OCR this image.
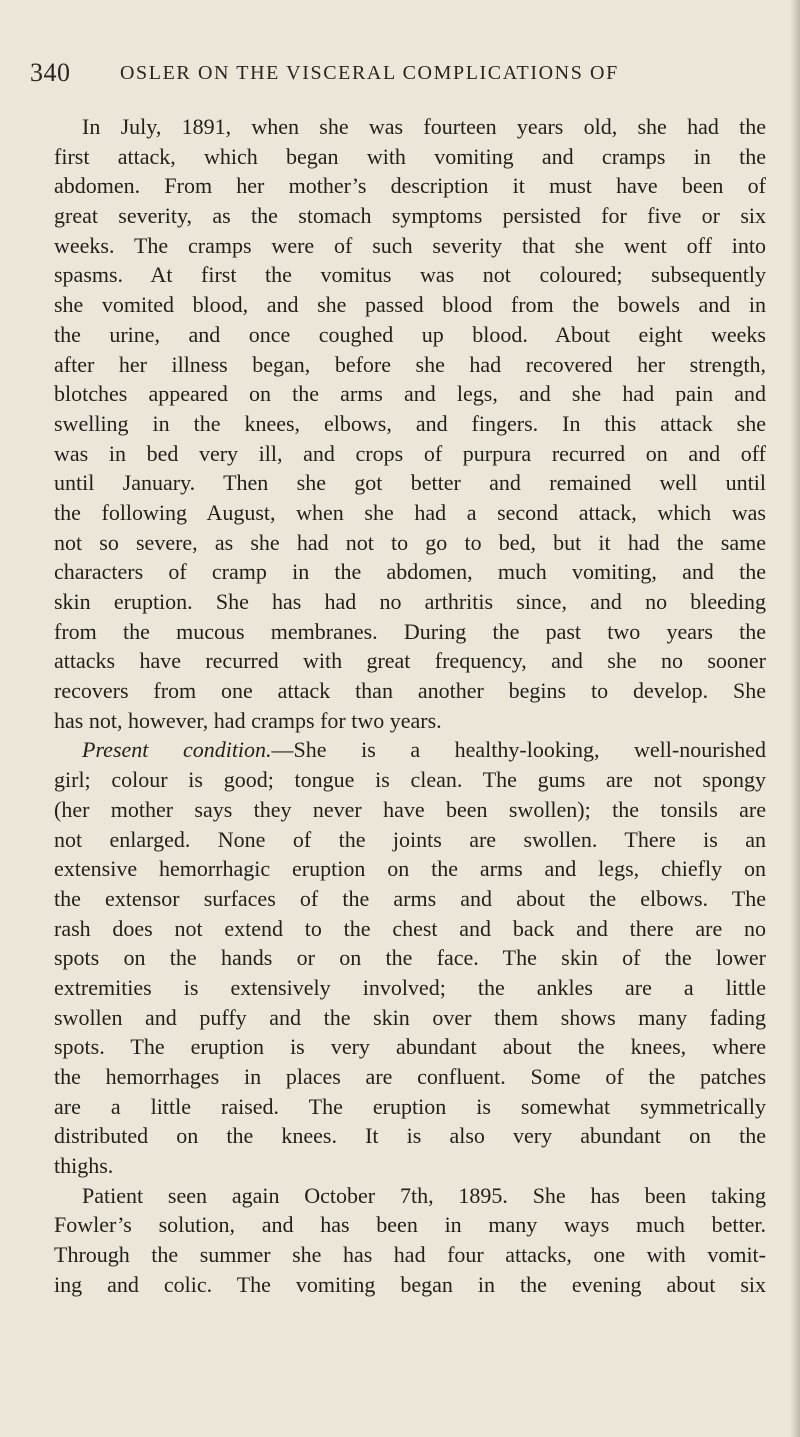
340 OSLER ON THE VISCERAL COMPLICATIONS OF
In July, 1891, when she was fourteen years old, she had the
first attack, which began with vomiting and cramps in the
abdomen. From her mother’s description it must have been of
great severity, as the stomach symptoms persisted for five or six
weeks. The cramps were of such severity that she went off into
spasms. At first the vomitus was not coloured; subsequently
she vomited blood, and she passed blood from the bowels and in
the urine, and once coughed up blood. About eight weeks
after her illness began, before she had recovered her strength,
blotches appeared on the arms and legs, and she had pain and
swelling in the knees, elbows, and fingers. In this attack she
was in bed very ill, and crops of purpura recurred on and off
until January. Then she got better and remained well until
the following August, when she had a second attack, which was
not so severe, as she had not to go to bed, but it had the same
characters of cramp in the abdomen, much vomiting, and the
skin eruption. She has had no arthritis since, and no bleeding
from the mucous membranes. During the past two years the
attacks have recurred with great frequency, and she no sooner
recovers from one attack than another begins to develop. She
has not, however, had cramps for two years.
Present condition.—She is a healthy-looking, well-nourished
girl; colour is good; tongue is clean. The gums are not spongy
(her mother says they never have been swollen); the tonsils are
not enlarged. None of the joints are swollen. There is an
extensive hemorrhagic eruption on the arms and legs, chiefly on
the extensor surfaces of the arms and about the elbows. The
rash does not extend to the chest and back and there are no
spots on the hands or on the face. The skin of the lower
extremities is extensively involved; the ankles are a little
swollen and puffy and the skin over them shows many fading
spots. The eruption is very abundant about the knees, where
the hemorrhages in places are confluent. Some of the patches
are a little raised. The eruption is somewhat symmetrically
distributed on the knees. It is also very abundant on the
thighs.
Patient seen again October 7th, 1895. She has been taking
Fowler’s solution, and has been in many ways much better.
Through the summer she has had four attacks, one with vomit-
ing and colic. The vomiting began in the evening about six
